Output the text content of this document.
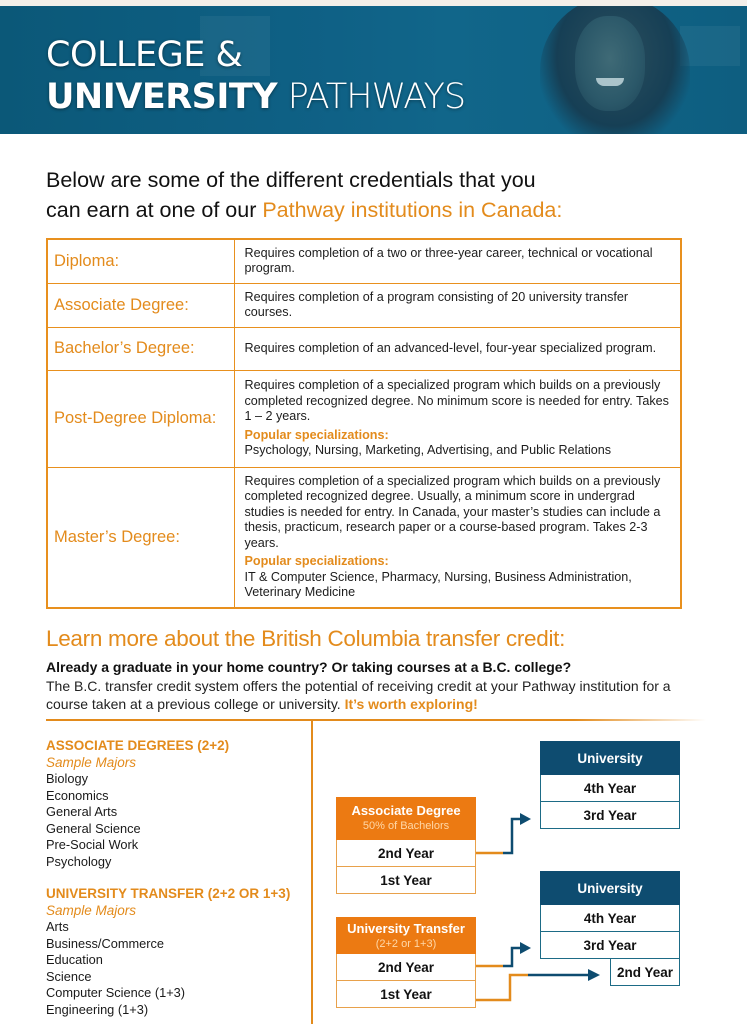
COLLEGE &
UNIVERSITY PATHWAYS
Below are some of the different credentials that you
can earn at one of our Pathway institutions in Canada:
Diploma:	Requires completion of a two or three-year career, technical or vocational program.
Associate Degree:	Requires completion of a program consisting of 20 university transfer courses.
Bachelor’s Degree:	Requires completion of an advanced-level, four-year specialized program.
Post-Degree Diploma:	Requires completion of a specialized program which builds on a previously completed recognized degree. No minimum score is needed for entry. Takes 1 – 2 years.
Popular specializations:
Psychology, Nursing, Marketing, Advertising, and Public Relations
Master’s Degree:	Requires completion of a specialized program which builds on a previously completed recognized degree. Usually, a minimum score in undergrad studies is needed for entry. In Canada, your master’s studies can include a thesis, practicum, research paper or a course-based program. Takes 2-3 years.
Popular specializations:
IT & Computer Science, Pharmacy, Nursing, Business Administration, Veterinary Medicine
Learn more about the British Columbia transfer credit:
Already a graduate in your home country? Or taking courses at a B.C. college?
The B.C. transfer credit system offers the potential of receiving credit at your Pathway institution for a course taken at a previous college or university. It’s worth exploring!
ASSOCIATE DEGREES (2+2)
Sample Majors
Biology
Economics
General Arts
General Science
Pre-Social Work
Psychology
UNIVERSITY TRANSFER (2+2 OR 1+3)
Sample Majors
Arts
Business/Commerce
Education
Science
Computer Science (1+3)
Engineering (1+3)
Associate Degree
50% of Bachelors
2nd Year
1st Year
University
4th Year
3rd Year
University Transfer
(2+2 or 1+3)
2nd Year
1st Year
University
4th Year
3rd Year
2nd Year
